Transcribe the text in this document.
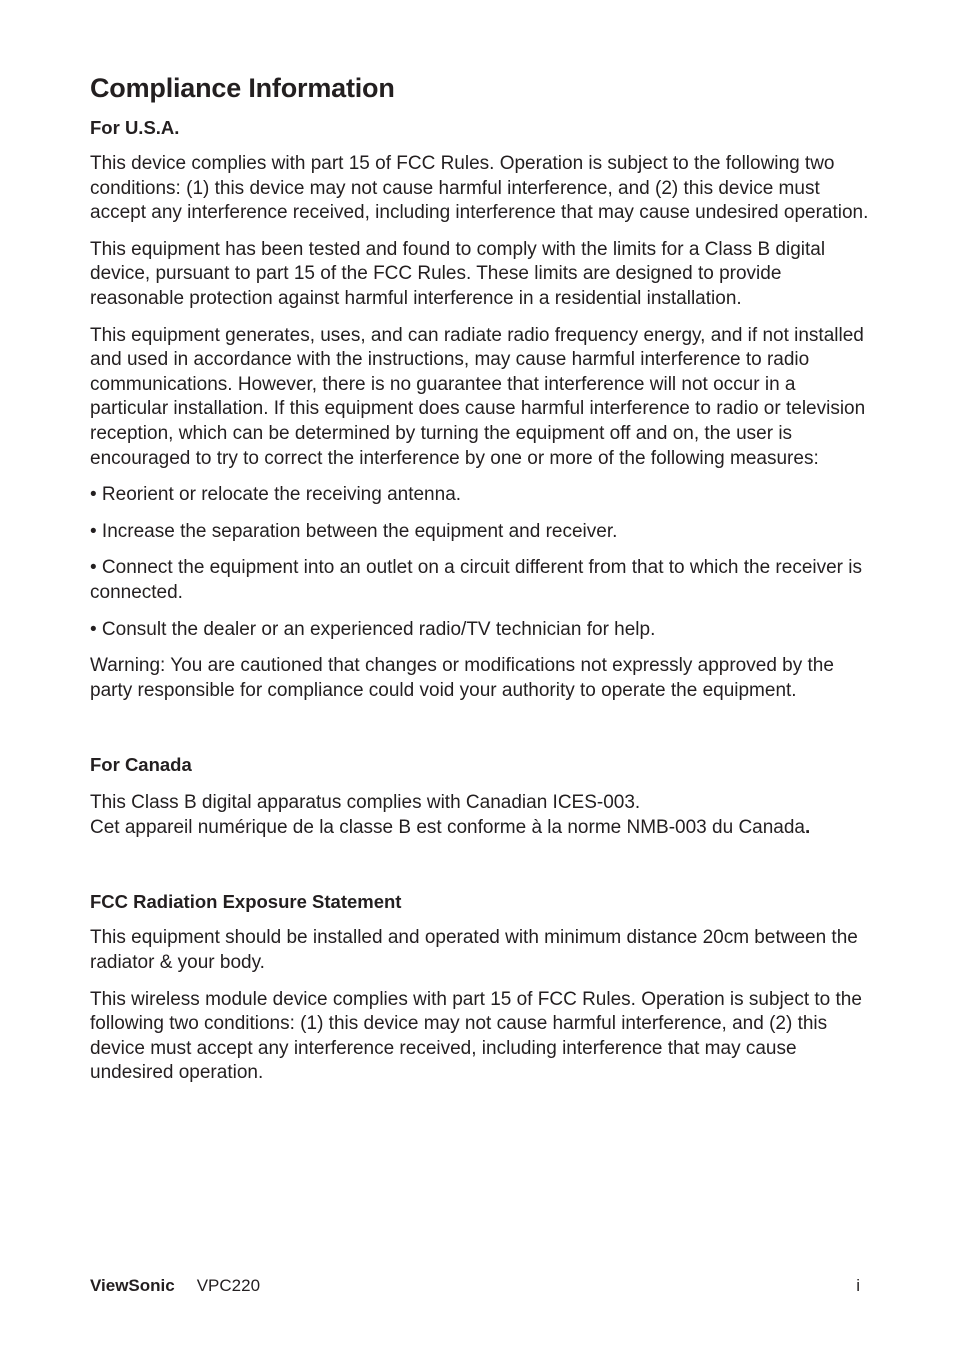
Compliance Information
For U.S.A.

This device complies with part 15 of FCC Rules. Operation is subject to the following two conditions: (1) this device may not cause harmful interference, and (2) this device must accept any interference received, including interference that may cause undesired operation.

This equipment has been tested and found to comply with the limits for a Class B digital device, pursuant to part 15 of the FCC Rules. These limits are designed to provide reasonable protection against harmful interference in a residential installation.

This equipment generates, uses, and can radiate radio frequency energy, and if not installed and used in accordance with the instructions, may cause harmful interference to radio communications. However, there is no guarantee that interference will not occur in a particular installation. If this equipment does cause harmful interference to radio or television reception, which can be determined by turning the equipment off and on, the user is encouraged to try to correct the interference by one or more of the following measures:

• Reorient or relocate the receiving antenna.

• Increase the separation between the equipment and receiver.

• Connect the equipment into an outlet on a circuit different from that to which the receiver is connected.

• Consult the dealer or an experienced radio/TV technician for help.

Warning: You are cautioned that changes or modifications not expressly approved by the party responsible for compliance could void your authority to operate the equipment.

For Canada

This Class B digital apparatus complies with Canadian ICES-003.

Cet appareil numérique de la classe B est conforme à la norme NMB-003 du Canada.

FCC Radiation Exposure Statement

This equipment should be installed and operated with minimum distance 20cm between the radiator & your body.

This wireless module device complies with part 15 of FCC Rules. Operation is subject to the following two conditions: (1) this device may not cause harmful interference, and (2) this device must accept any interference received, including interference that may cause undesired operation.

ViewSonic VPC220	i
